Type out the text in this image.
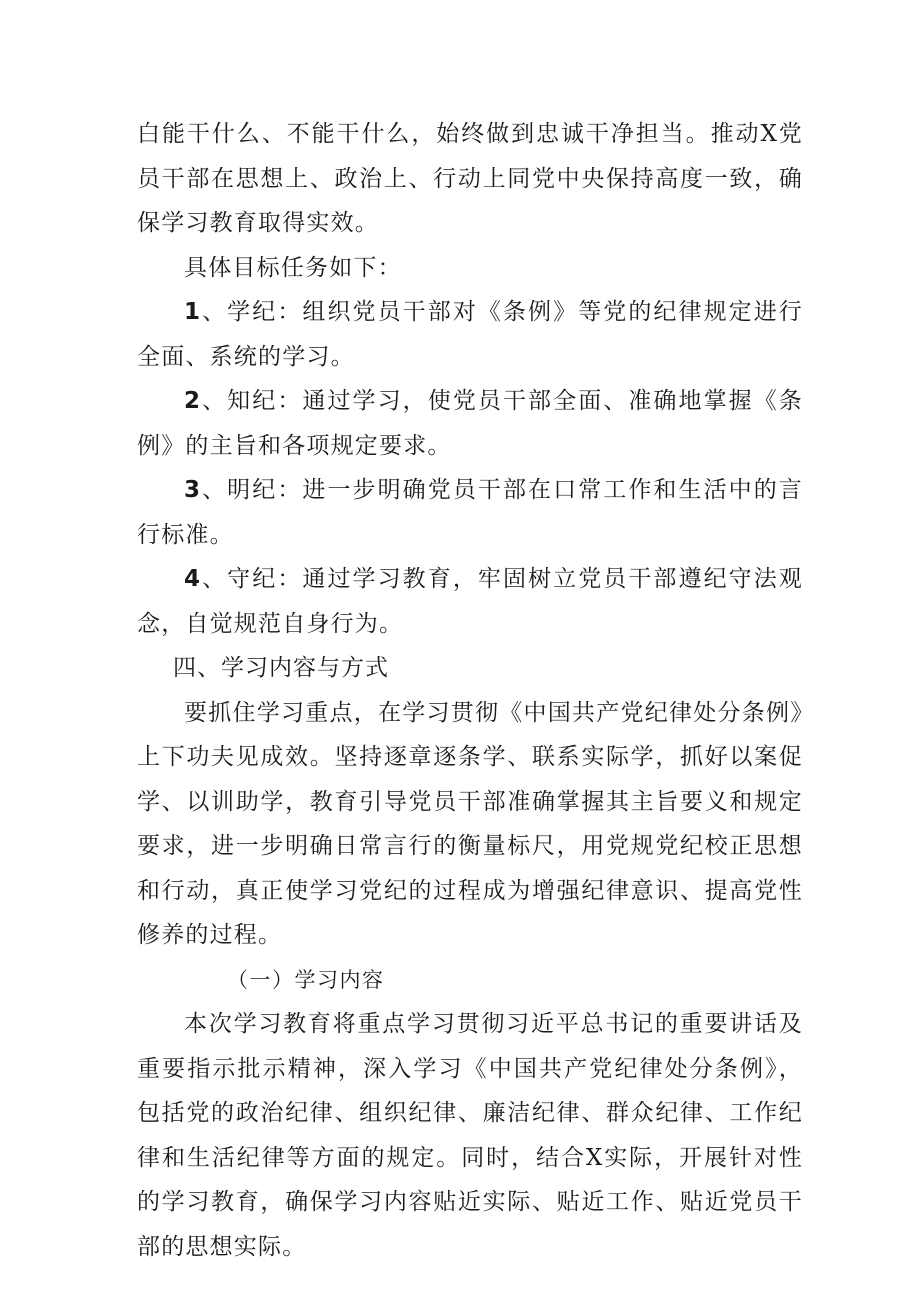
白能干什么、不能干什么，始终做到忠诚干净担当。推动X党员干部在思想上、政治上、行动上同党中央保持高度一致，确保学习教育取得实效。

具体目标任务如下：

1、学纪：组织党员干部对《条例》等党的纪律规定进行全面、系统的学习。

2、知纪：通过学习，使党员干部全面、准确地掌握《条例》的主旨和各项规定要求。

3、明纪：进一步明确党员干部在口常工作和生活中的言行标准。

4、守纪：通过学习教育，牢固树立党员干部遵纪守法观念，自觉规范自身行为。

四、学习内容与方式

要抓住学习重点，在学习贯彻《中国共产党纪律处分条例》上下功夫见成效。坚持逐章逐条学、联系实际学，抓好以案促学、以训助学，教育引导党员干部准确掌握其主旨要义和规定要求，进一步明确日常言行的衡量标尺，用党规党纪校正思想和行动，真正使学习党纪的过程成为增强纪律意识、提高党性修养的过程。

（一）学习内容

本次学习教育将重点学习贯彻习近平总书记的重要讲话及重要指示批示精神，深入学习《中国共产党纪律处分条例》，包括党的政治纪律、组织纪律、廉洁纪律、群众纪律、工作纪律和生活纪律等方面的规定。同时，结合X实际，开展针对性的学习教育，确保学习内容贴近实际、贴近工作、贴近党员干部的思想实际。
